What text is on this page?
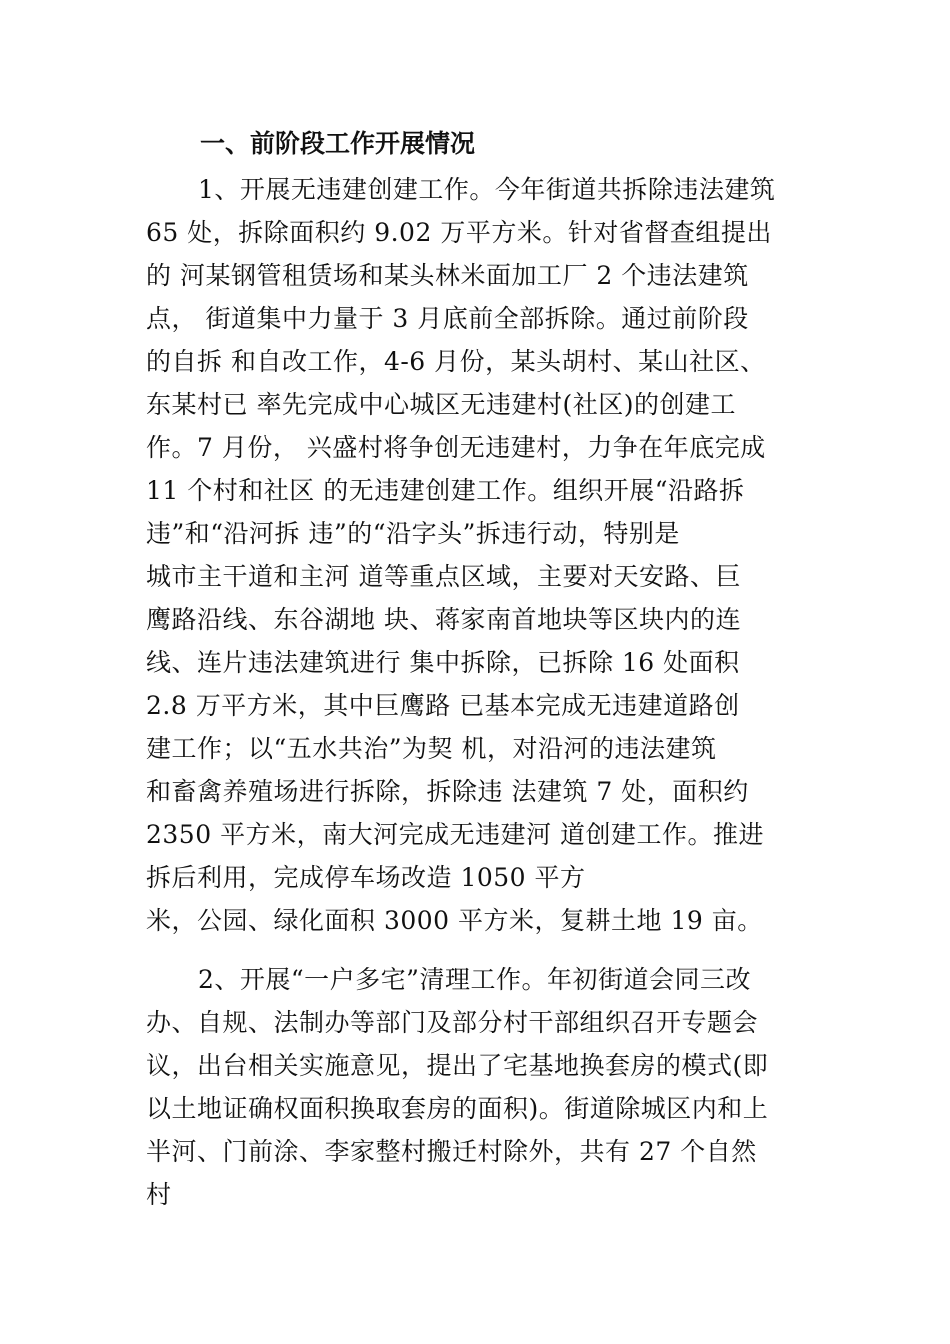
一、前阶段工作开展情况
1、开展无违建创建工作。今年街道共拆除违法建筑
65 处，拆除面积约 9.02 万平方米。针对省督查组提出
的 河某钢管租赁场和某头林米面加工厂 2 个违法建筑
点， 街道集中力量于 3 月底前全部拆除。通过前阶段
的自拆 和自改工作，4-6 月份，某头胡村、某山社区、
东某村已 率先完成中心城区无违建村(社区)的创建工
作。7 月份， 兴盛村将争创无违建村，力争在年底完成
11 个村和社区 的无违建创建工作。组织开展“沿路拆
违”和“沿河拆 违”的“沿字头”拆违行动，特别是
城市主干道和主河 道等重点区域，主要对天安路、巨
鹰路沿线、东谷湖地 块、蒋家南首地块等区块内的连
线、连片违法建筑进行 集中拆除，已拆除 16 处面积
2.8 万平方米，其中巨鹰路 已基本完成无违建道路创
建工作；以“五水共治”为契 机，对沿河的违法建筑
和畜禽养殖场进行拆除，拆除违 法建筑 7 处，面积约
2350 平方米，南大河完成无违建河 道创建工作。推进
拆后利用，完成停车场改造 1050 平方
米，公园、绿化面积 3000 平方米，复耕土地 19 亩。
2、开展“一户多宅”清理工作。年初街道会同三改
办、自规、法制办等部门及部分村干部组织召开专题会
议，出台相关实施意见，提出了宅基地换套房的模式(即
以土地证确权面积换取套房的面积)。街道除城区内和上
半河、门前涂、李家整村搬迁村除外，共有 27 个自然
村
